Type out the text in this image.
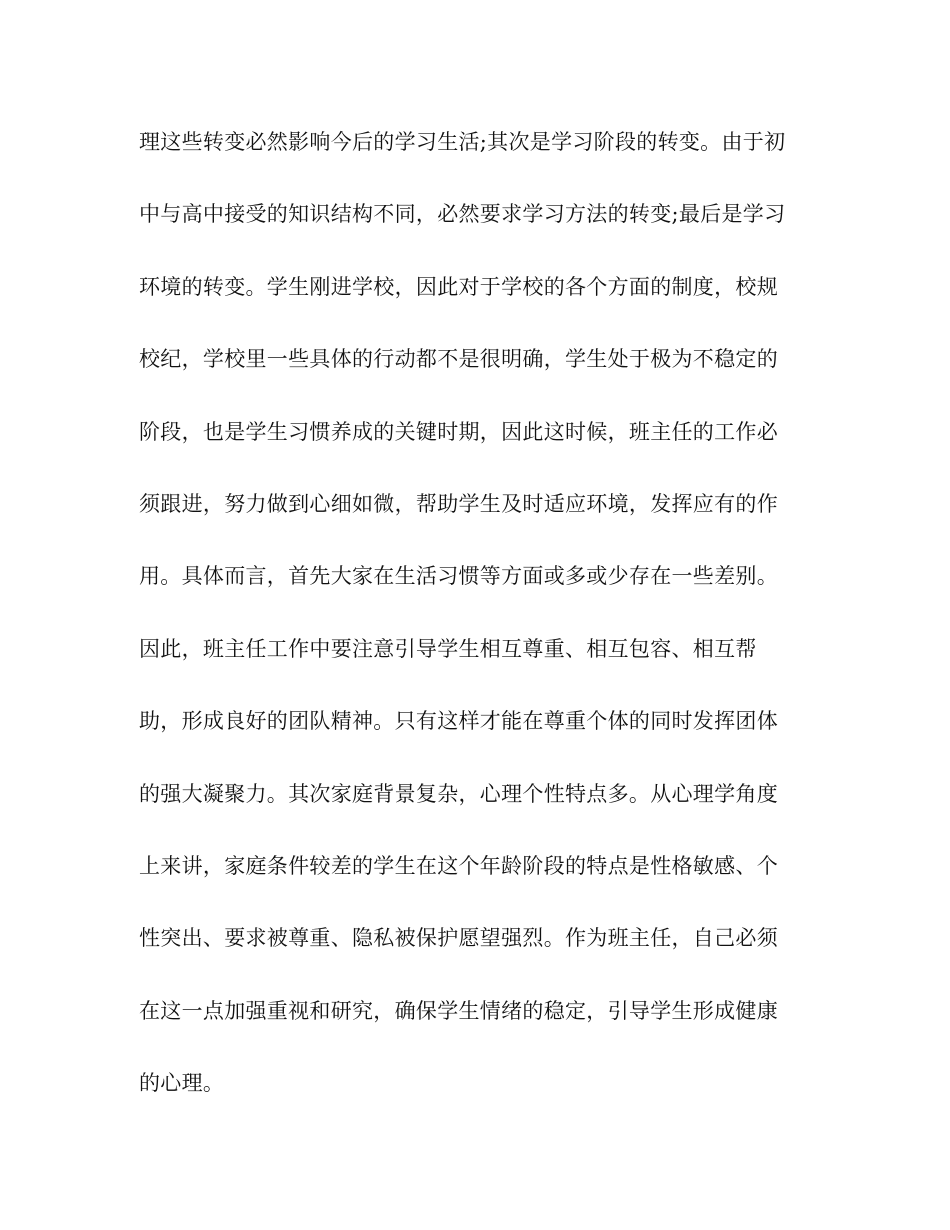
理这些转变必然影响今后的学习生活;其次是学习阶段的转变。由于初
中与高中接受的知识结构不同，必然要求学习方法的转变;最后是学习
环境的转变。学生刚进学校，因此对于学校的各个方面的制度，校规
校纪，学校里一些具体的行动都不是很明确，学生处于极为不稳定的
阶段，也是学生习惯养成的关键时期，因此这时候，班主任的工作必
须跟进，努力做到心细如微，帮助学生及时适应环境，发挥应有的作
用。具体而言，首先大家在生活习惯等方面或多或少存在一些差别。
因此，班主任工作中要注意引导学生相互尊重、相互包容、相互帮
助，形成良好的团队精神。只有这样才能在尊重个体的同时发挥团体
的强大凝聚力。其次家庭背景复杂，心理个性特点多。从心理学角度
上来讲，家庭条件较差的学生在这个年龄阶段的特点是性格敏感、个
性突出、要求被尊重、隐私被保护愿望强烈。作为班主任，自己必须
在这一点加强重视和研究，确保学生情绪的稳定，引导学生形成健康
的心理。
